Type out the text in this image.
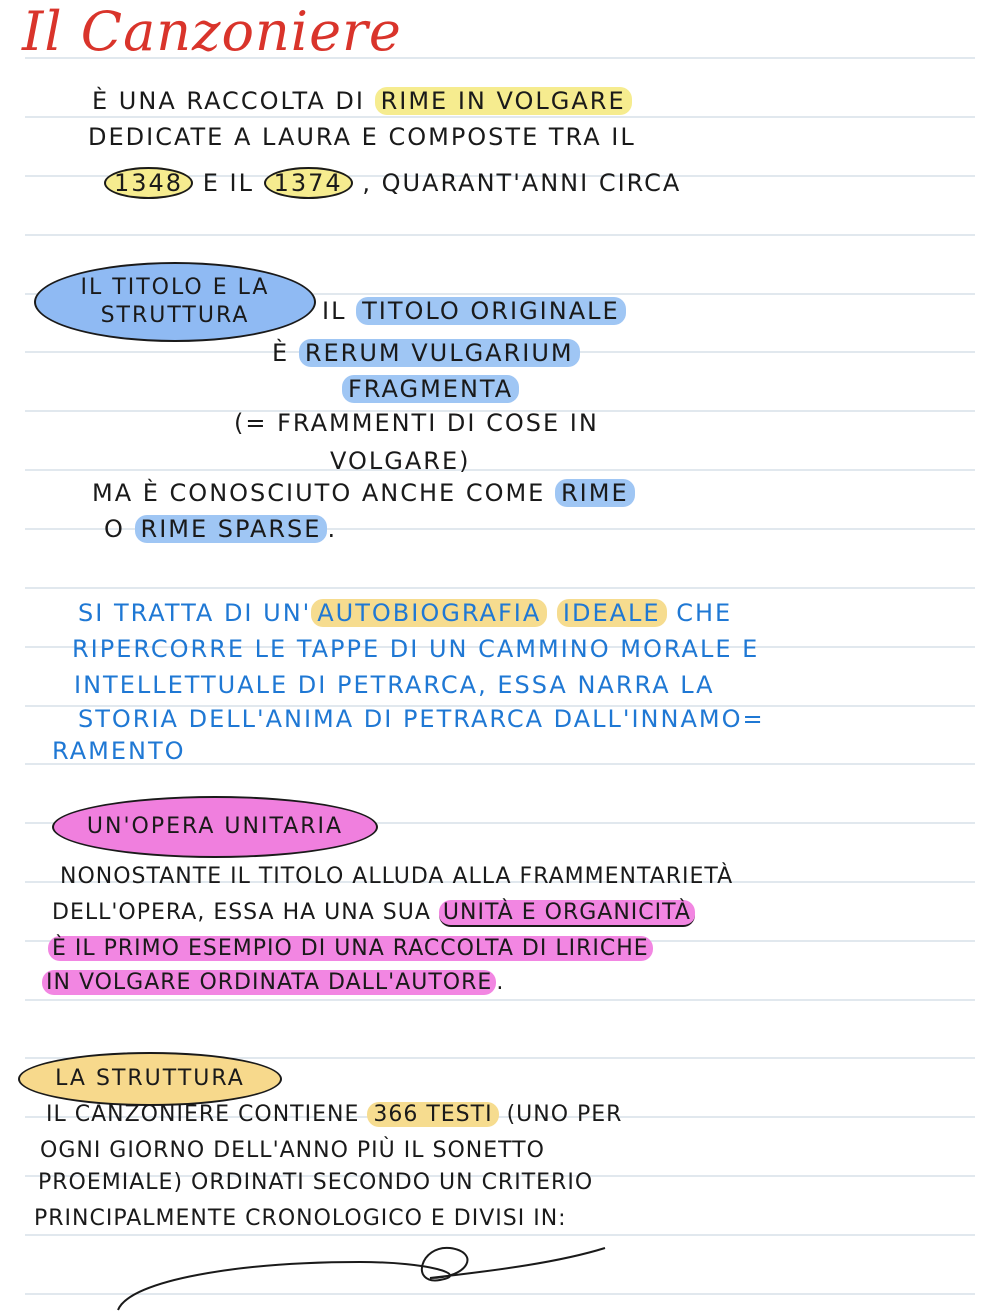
Il Canzoniere
È UNA RACCOLTA DI RIME IN VOLGARE
DEDICATE A LAURA E COMPOSTE TRA IL
1348 E IL 1374 , QUARANT'ANNI CIRCA
IL TITOLO E LA STRUTTURA	IL TITOLO ORIGINALE
È RERUM VULGARIUM
FRAGMENTA
(= FRAMMENTI DI COSE IN
VOLGARE)
MA È CONOSCIUTO ANCHE COME RIME
O RIME SPARSE .
SI TRATTA DI UN' AUTOBIOGRAFIA IDEALE CHE
RIPERCORRE LE TAPPE DI UN CAMMINO MORALE E
INTELLETTUALE DI PETRARCA, ESSA NARRA LA
STORIA DELL'ANIMA DI PETRARCA DALL'INNAMO=
RAMENTO
UN'OPERA UNITARIA
NONOSTANTE IL TITOLO ALLUDA ALLA FRAMMENTARIETÀ
DELL'OPERA, ESSA HA UNA SUA UNITÀ E ORGANICITÀ
È IL PRIMO ESEMPIO DI UNA RACCOLTA DI LIRICHE
IN VOLGARE ORDINATA DALL'AUTORE .
LA STRUTTURA
IL CANZONIERE CONTIENE 366 TESTI (UNO PER
OGNI GIORNO DELL'ANNO PIÙ IL SONETTO
PROEMIALE) ORDINATI SECONDO UN CRITERIO
PRINCIPALMENTE CRONOLOGICO E DIVISI IN:
